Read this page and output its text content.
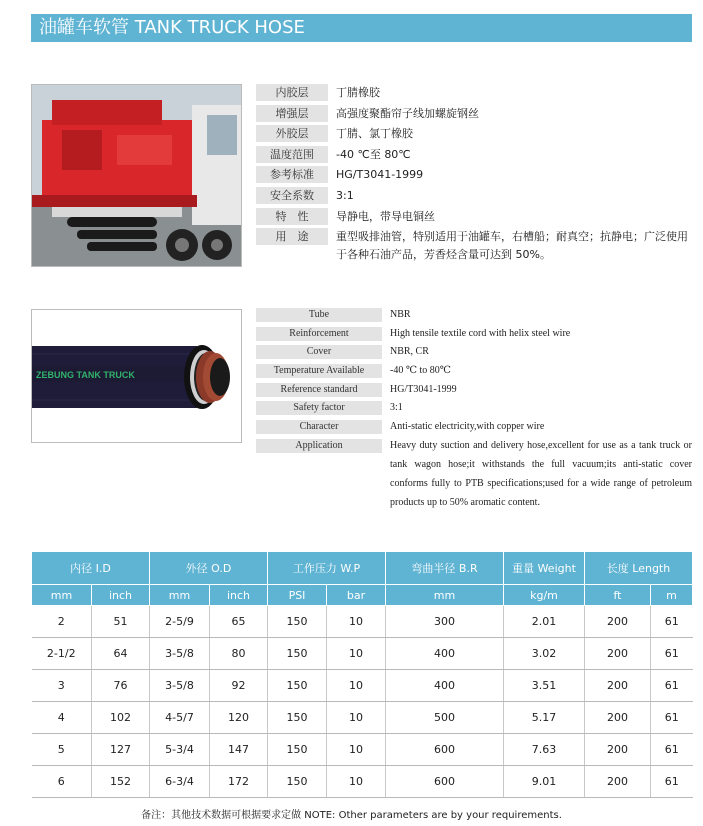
油罐车软管 TANK TRUCK HOSE
内胶层	丁腈橡胶
增强层	高强度聚酯帘子线加螺旋钢丝
外胶层	丁腈、氯丁橡胶
温度范围	-40 ℃至 80℃
参考标准	HG/T3041-1999
安全系数	3:1
特　性	导静电，带导电铜丝
用　途	重型吸排油管，特别适用于油罐车，右槽船；耐真空；抗静电；广泛使用于各种石油产品，芳香烃含量可达到 50%。
ZEBUNG TANK TRUCK
Tube	NBR
Reinforcement	High tensile textile cord with helix steel wire
Cover	NBR, CR
Temperature Available	-40 ℃ to 80℃
Reference standard	HG/T3041-1999
Safety factor	3:1
Character	Anti-static electricity,with copper wire
Application	Heavy duty suction and delivery hose,excellent for use as a tank truck or tank wagon hose;it withstands the full vacuum;its anti-static cover conforms fully to PTB specifications;used for a wide range of petroleum products up to 50% aromatic content.
内径 I.D		外径 O.D		工作压力 W.P		弯曲半径 B.R	重量 Weight	长度 Length	
mm	inch	mm	inch	PSI	bar	mm	kg/m	ft	m
2	51	2-5/9	65	150	10	300	2.01	200	61
2-1/2	64	3-5/8	80	150	10	400	3.02	200	61
3	76	3-5/8	92	150	10	400	3.51	200	61
4	102	4-5/7	120	150	10	500	5.17	200	61
5	127	5-3/4	147	150	10	600	7.63	200	61
6	152	6-3/4	172	150	10	600	9.01	200	61
备注：其他技术数据可根据要求定做 NOTE: Other parameters are by your requirements.
